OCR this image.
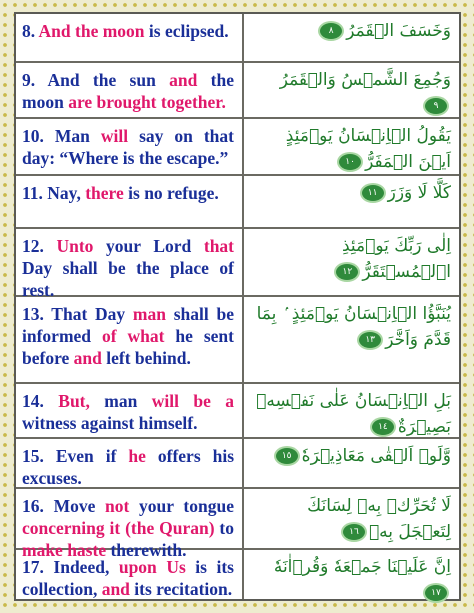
8. And the moon is eclipsed.	وَخَسَفَ الۡقَمَرُ٨
9. And the sun and the moon are brought together.
وَجُمِعَ الشَّمۡسُ وَالۡقَمَرُ٩
10. Man will say on that day: “Where is the escape.”
يَقُولُ الۡاِنۡسَانُ يَوۡمَئِذٍ اَيۡنَ الۡمَفَرُّ١٠
11. Nay, there is no refuge.	كَلَّا لَا وَزَرَ١١
12. Unto your Lord that Day shall be the place of rest.
اِلٰى رَبِّكَ يَوۡمَئِذِ اۨلۡمُسۡتَقَرُّ١٢
13. That Day man shall be informed of what he sent before and left behind.
يُنَبَّؤُا الۡاِنۡسَانُ يَوۡمَئِذٍ ۢ بِمَا قَدَّمَ وَاَخَّرَ١٣
14. But, man will be a witness against himself.
بَلِ الۡاِنۡسَانُ عَلٰى نَفۡسِهٖ بَصِيۡرَةٌ١٤
15. Even if he offers his excuses.
وَّلَوۡ اَلۡقٰى مَعَاذِيۡرَهٗ١٥
16. Move not your tongue concerning it (the Quran) to make haste therewith.
لَا تُحَرِّكۡ بِهٖ لِسَانَكَ لِتَعۡجَلَ بِهٖ١٦
17. Indeed, upon Us is its collection, and its recitation.
اِنَّ عَلَيۡنَا جَمۡعَهٗ وَقُرۡاٰنَهٗ١٧
